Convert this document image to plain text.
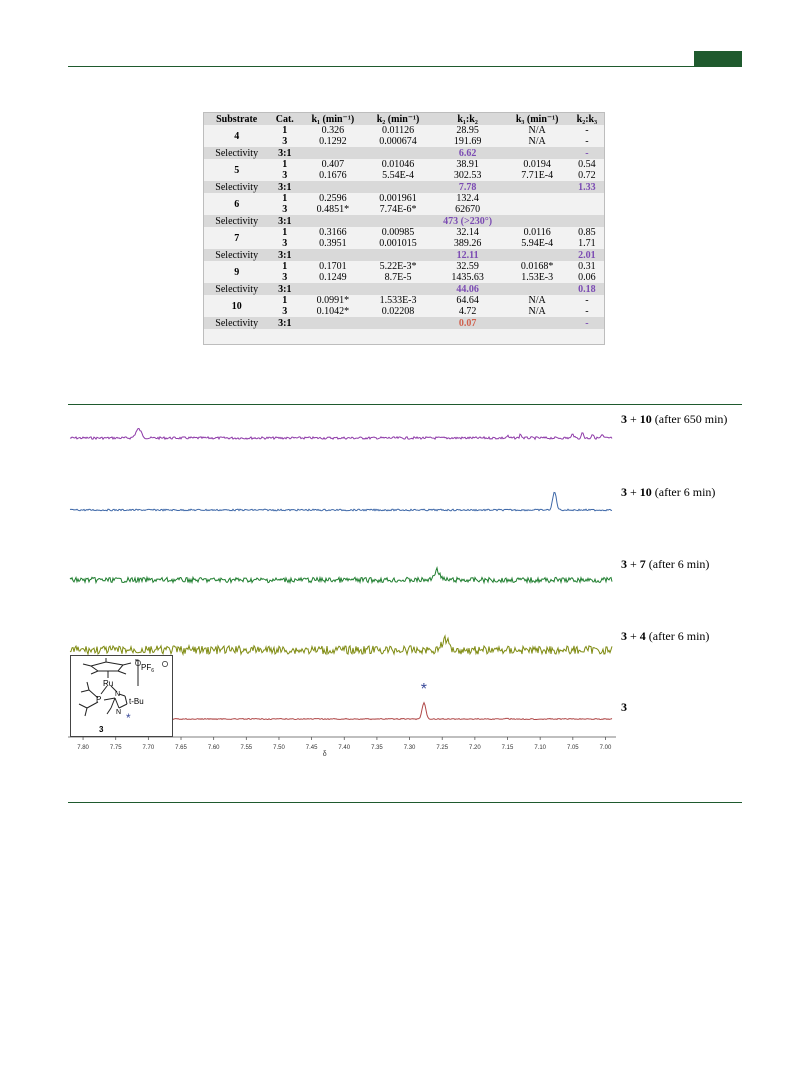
Substrate	Cat.	k₁ (min⁻¹)	k₂ (min⁻¹)	k₁:k₂	k₃ (min⁻¹)	k₂:k₃
4	1	0.326	0.01126	28.95	N/A	-
	3	0.1292	0.000674	191.69	N/A	-
Selectivity	3:1			6.62		-
5	1	0.407	0.01046	38.91	0.0194	0.54
	3	0.1676	5.54E-4	302.53	7.71E-4	0.72
Selectivity	3:1			7.78		1.33
6	1	0.2596	0.001961	132.4		
	3	0.4851*	7.74E-6*	62670		
Selectivity	3:1			473 (>230°)		
7	1	0.3166	0.00985	32.14	0.0116	0.85
	3	0.3951	0.001015	389.26	5.94E-4	1.71
Selectivity	3:1			12.11		2.01
9	1	0.1701	5.22E-3*	32.59	0.0168*	0.31
	3	0.1249	8.7E-5	1435.63	1.53E-3	0.06
Selectivity	3:1			44.06		0.18
10	1	0.0991*	1.533E-3	64.64	N/A	-
	3	0.1042*	0.02208	4.72	N/A	-
Selectivity	3:1			0.07		-
7.80	7.75	7.70	7.65	7.60	7.55	7.50	7.45	7.40	7.35	7.30	7.25	7.20	7.15	7.10	7.05	7.00
δ
*
3 + 10 (after 650 min)
3 + 10 (after 6 min)
3 + 7 (after 6 min)
3 + 4 (after 6 min)
3
Ru
$PF_6$
P
N
N
t-Bu
*
3
